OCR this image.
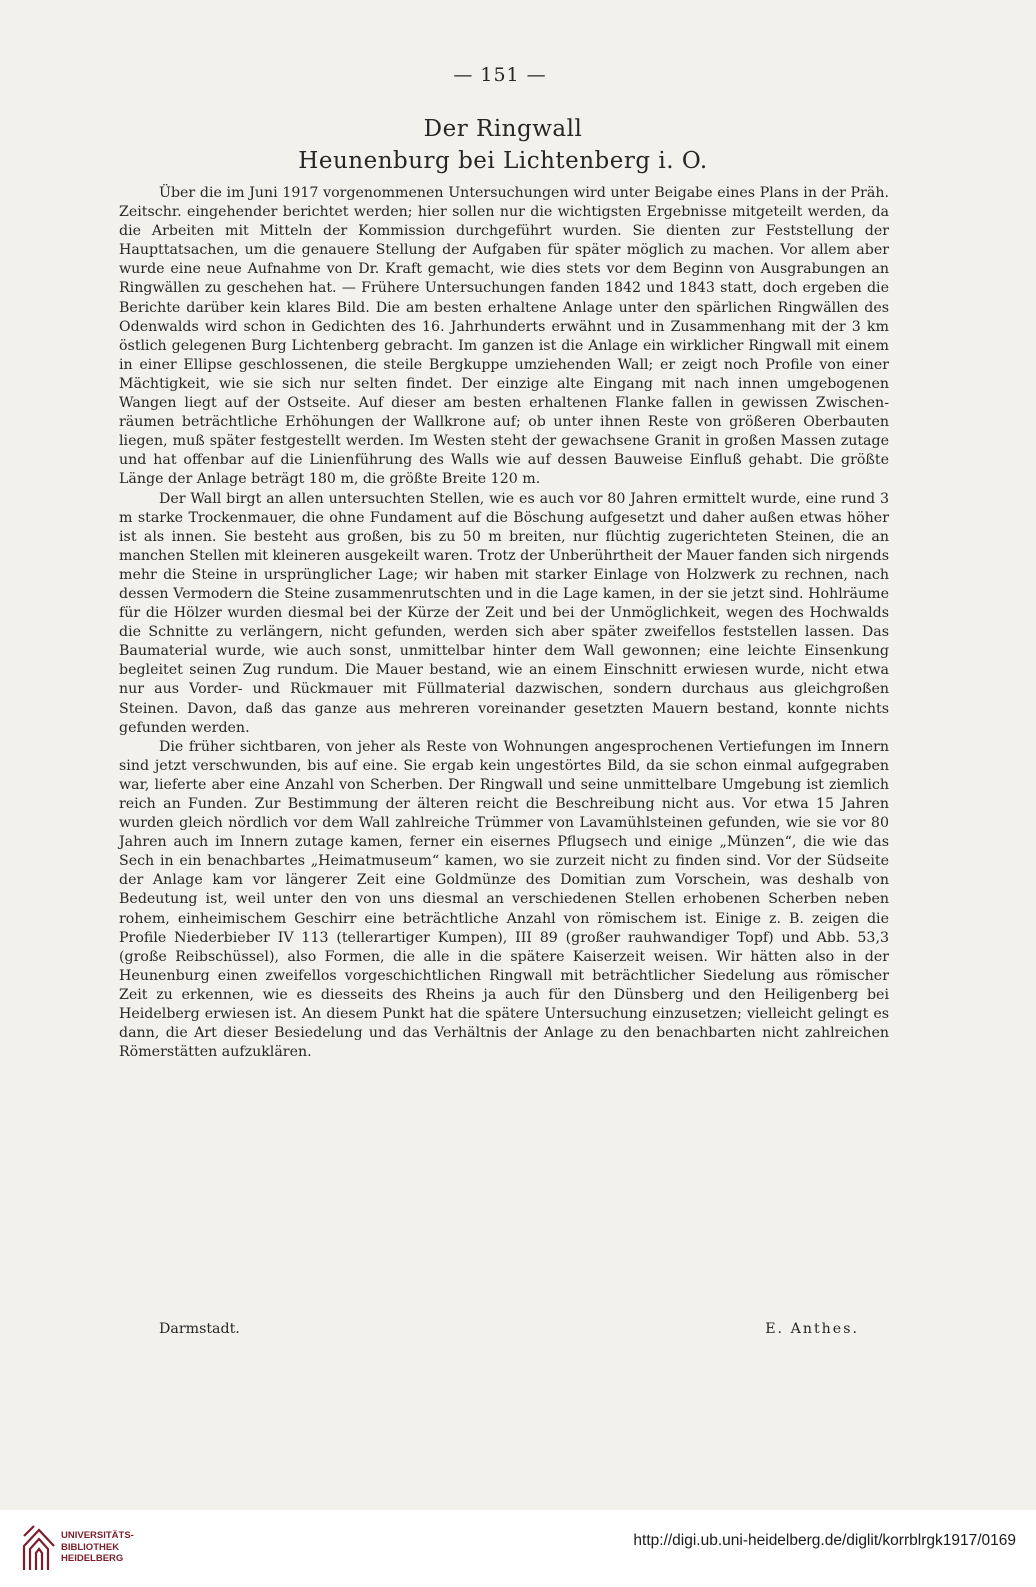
— 151 —
Der Ringwall
Heunenburg bei Lichtenberg i. O.

Über die im Juni 1917 vorgenommenen Untersuchungen wird unter Beigabe eines Plans in der Präh. Zeitschr. eingehender berichtet werden; hier sollen nur die wichtigsten Ergebnisse mitgeteilt werden, da die Arbeiten mit Mitteln der Kommission durchgeführt wurden. Sie dienten zur Feststellung der Haupttatsachen, um die genauere Stellung der Aufgaben für später möglich zu machen. Vor allem aber wurde eine neue Aufnahme von Dr. Kraft gemacht, wie dies stets vor dem Beginn von Ausgrabungen an Ringwällen zu geschehen hat. — Frühere Untersuchungen fanden 1842 und 1843 statt, doch ergeben die Berichte darüber kein klares Bild. Die am besten erhaltene Anlage unter den spärlichen Ringwällen des Odenwalds wird schon in Gedichten des 16. Jahrhunderts erwähnt und in Zusammenhang mit der 3 km östlich gelegenen Burg Lichtenberg gebracht. Im ganzen ist die Anlage ein wirklicher Ringwall mit einem in einer Ellipse geschlossenen, die steile Bergkuppe umziehenden Wall; er zeigt noch Profile von einer Mächtigkeit, wie sie sich nur selten findet. Der einzige alte Eingang mit nach innen umgebogenen Wangen liegt auf der Ostseite. Auf dieser am besten erhaltenen Flanke fallen in gewissen Zwischenräumen beträchtliche Erhöhungen der Wallkrone auf; ob unter ihnen Reste von größeren Oberbauten liegen, muß später festgestellt werden. Im Westen steht der gewachsene Granit in großen Massen zutage und hat offenbar auf die Linienführung des Walls wie auf dessen Bauweise Einfluß gehabt. Die größte Länge der Anlage beträgt 180 m, die größte Breite 120 m.

Der Wall birgt an allen untersuchten Stellen, wie es auch vor 80 Jahren ermittelt wurde, eine rund 3 m starke Trockenmauer, die ohne Fundament auf die Böschung aufgesetzt und daher außen etwas höher ist als innen. Sie besteht aus großen, bis zu 50 m breiten, nur flüchtig zugerichteten Steinen, die an manchen Stellen mit kleineren ausgekeilt waren. Trotz der Unberührtheit der Mauer fanden sich nirgends mehr die Steine in ursprünglicher Lage; wir haben mit starker Einlage von Holzwerk zu rechnen, nach dessen Vermodern die Steine zusammenrutschten und in die Lage kamen, in der sie jetzt sind. Hohlräume für die Hölzer wurden diesmal bei der Kürze der Zeit und bei der Unmöglichkeit, wegen des Hochwalds die Schnitte zu verlängern, nicht gefunden, werden sich aber später zweifellos feststellen lassen. Das Baumaterial wurde, wie auch sonst, unmittelbar hinter dem Wall gewonnen; eine leichte Einsenkung begleitet seinen Zug rundum. Die Mauer bestand, wie an einem Einschnitt erwiesen wurde, nicht etwa nur aus Vorder- und Rückmauer mit Füllmaterial dazwischen, sondern durchaus aus gleichgroßen Steinen. Davon, daß das ganze aus mehreren voreinander gesetzten Mauern bestand, konnte nichts gefunden werden.

Die früher sichtbaren, von jeher als Reste von Wohnungen angesprochenen Vertiefungen im Innern sind jetzt verschwunden, bis auf eine. Sie ergab kein ungestörtes Bild, da sie schon einmal aufgegraben war, lieferte aber eine Anzahl von Scherben. Der Ringwall und seine unmittelbare Umgebung ist ziemlich reich an Funden. Zur Bestimmung der älteren reicht die Beschreibung nicht aus. Vor etwa 15 Jahren wurden gleich nördlich vor dem Wall zahlreiche Trümmer von Lavamühlsteinen gefunden, wie sie vor 80 Jahren auch im Innern zutage kamen, ferner ein eisernes Pflugsech und einige „Münzen“, die wie das Sech in ein benachbartes „Heimatmuseum“ kamen, wo sie zurzeit nicht zu finden sind. Vor der Südseite der Anlage kam vor längerer Zeit eine Goldmünze des Domitian zum Vorschein, was deshalb von Bedeutung ist, weil unter den von uns diesmal an verschiedenen Stellen erhobenen Scherben neben rohem, einheimischem Geschirr eine beträchtliche Anzahl von römischem ist. Einige z. B. zeigen die Profile Niederbieber IV 113 (tellerartiger Kumpen), III 89 (großer rauhwandiger Topf) und Abb. 53,3 (große Reibschüssel), also Formen, die alle in die spätere Kaiserzeit weisen. Wir hätten also in der Heunenburg einen zweifellos vorgeschichtlichen Ringwall mit beträchtlicher Siedelung aus römischer Zeit zu erkennen, wie es diesseits des Rheins ja auch für den Dünsberg und den Heiligenberg bei Heidelberg erwiesen ist. An diesem Punkt hat die spätere Untersuchung einzusetzen; vielleicht gelingt es dann, die Art dieser Besiedelung und das Verhältnis der Anlage zu den benachbarten nicht zahlreichen Römerstätten aufzuklären.

Darmstadt.	E. Anthes.
UNIVERSITÄTS-
BIBLIOTHEK
HEIDELBERG
http://digi.ub.uni-heidelberg.de/diglit/korrblrgk1917/0169
